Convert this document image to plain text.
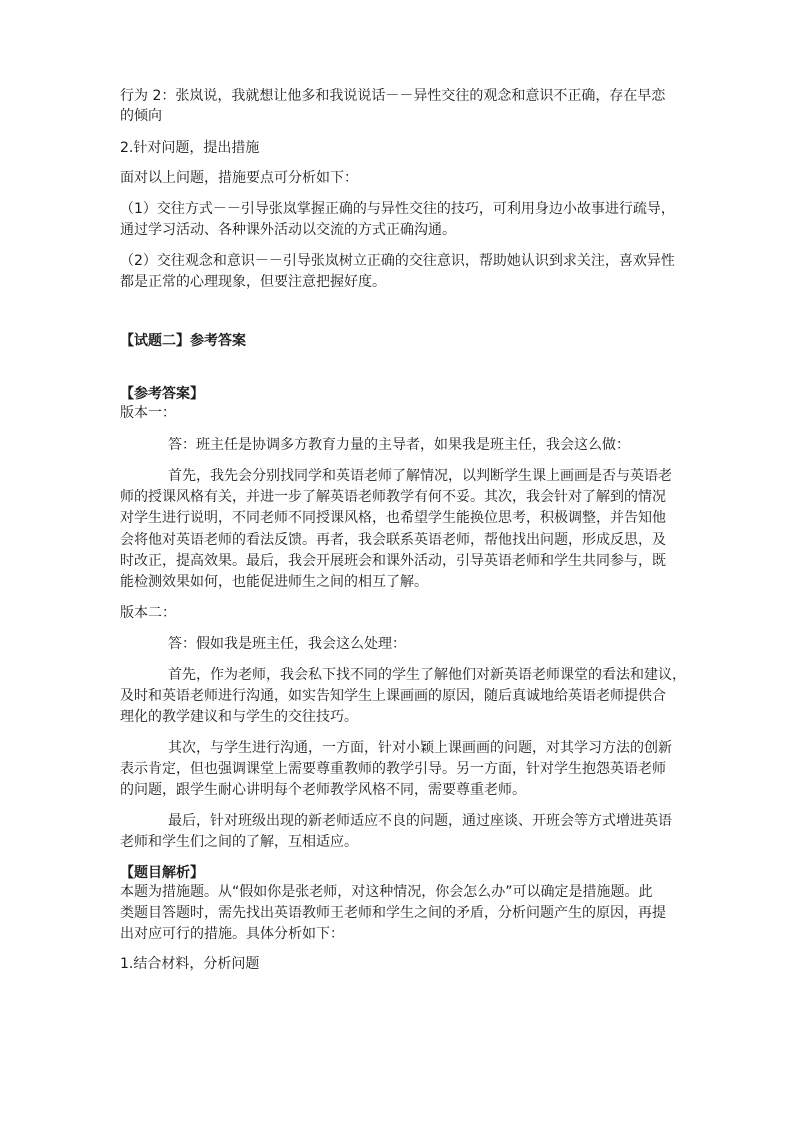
行为 2：张岚说，我就想让他多和我说说话－－异性交往的观念和意识不正确，存在早恋

的倾向

2.针对问题，提出措施

面对以上问题，措施要点可分析如下：

（1）交往方式－－引导张岚掌握正确的与异性交往的技巧，可利用身边小故事进行疏导，

通过学习活动、各种课外活动以交流的方式正确沟通。

（2）交往观念和意识－－引导张岚树立正确的交往意识，帮助她认识到求关注，喜欢异性

都是正常的心理现象，但要注意把握好度。

【试题二】参考答案

【参考答案】

版本一：

答：班主任是协调多方教育力量的主导者，如果我是班主任，我会这么做：

首先，我先会分别找同学和英语老师了解情况，以判断学生课上画画是否与英语老

师的授课风格有关，并进一步了解英语老师教学有何不妥。其次，我会针对了解到的情况

对学生进行说明，不同老师不同授课风格，也希望学生能换位思考，积极调整，并告知他

会将他对英语老师的看法反馈。再者，我会联系英语老师，帮他找出问题，形成反思，及

时改正，提高效果。最后，我会开展班会和课外活动，引导英语老师和学生共同参与，既

能检测效果如何，也能促进师生之间的相互了解。

版本二：

答：假如我是班主任，我会这么处理：

首先，作为老师，我会私下找不同的学生了解他们对新英语老师课堂的看法和建议，

及时和英语老师进行沟通，如实告知学生上课画画的原因，随后真诚地给英语老师提供合

理化的教学建议和与学生的交往技巧。

其次，与学生进行沟通，一方面，针对小颖上课画画的问题，对其学习方法的创新

表示肯定，但也强调课堂上需要尊重教师的教学引导。另一方面，针对学生抱怨英语老师

的问题，跟学生耐心讲明每个老师教学风格不同，需要尊重老师。

最后，针对班级出现的新老师适应不良的问题，通过座谈、开班会等方式增进英语

老师和学生们之间的了解，互相适应。

【题目解析】

本题为措施题。从“假如你是张老师，对这种情况，你会怎么办”可以确定是措施题。此

类题目答题时，需先找出英语教师王老师和学生之间的矛盾，分析问题产生的原因，再提

出对应可行的措施。具体分析如下：

1.结合材料，分析问题
